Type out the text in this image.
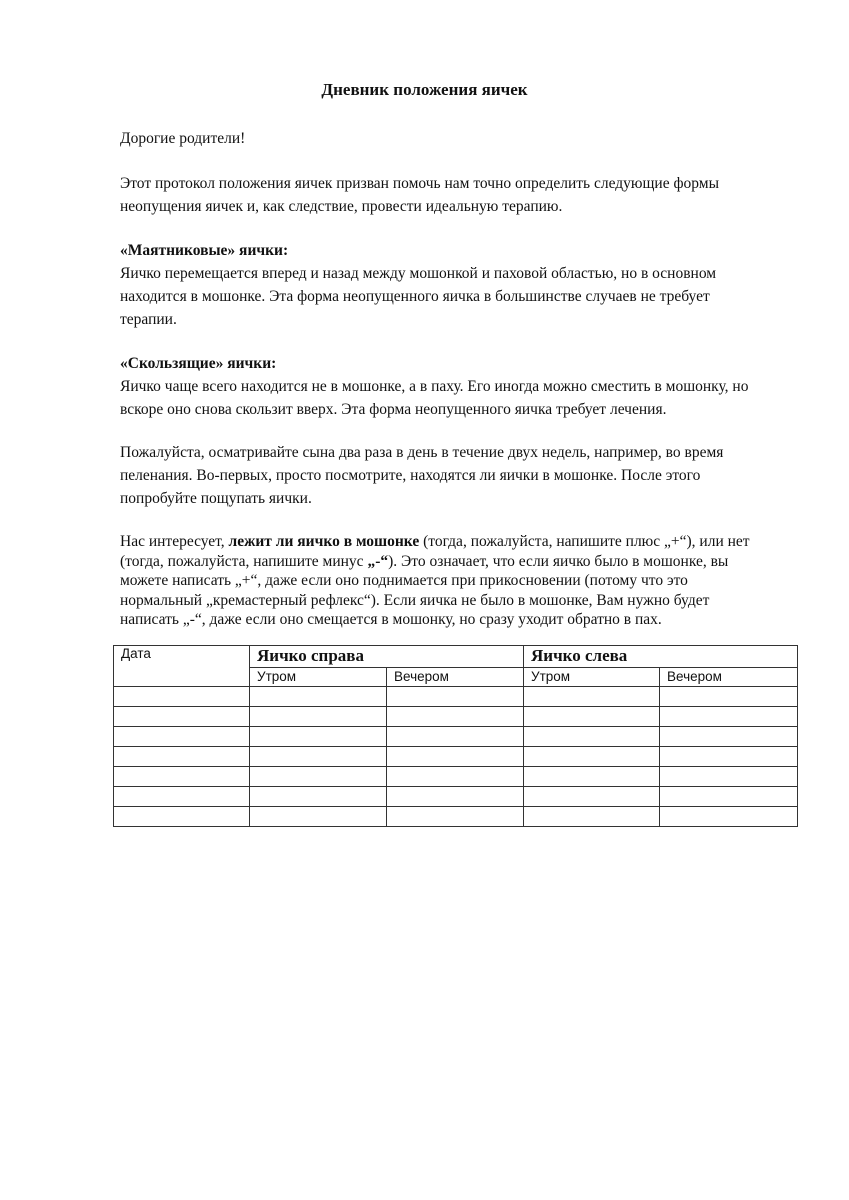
Дневник положения яичек

Дорогие родители!

Этот протокол положения яичек призван помочь нам точно определить следующие формы неопущения яичек и, как следствие, провести идеальную терапию.

«Маятниковые» яички:
Яичко перемещается вперед и назад между мошонкой и паховой областью, но в основном находится в мошонке. Эта форма неопущенного яичка в большинстве случаев не требует терапии.
«Скользящие» яички:
Яичко чаще всего находится не в мошонке, а в паху. Его иногда можно сместить в мошонку, но вскоре оно снова скользит вверх. Эта форма неопущенного яичка требует лечения.

Пожалуйста, осматривайте сына два раза в день в течение двух недель, например, во время пеленания. Во-первых, просто посмотрите, находятся ли яички в мошонке. После этого попробуйте пощупать яички.

Нас интересует, лежит ли яичко в мошонке (тогда, пожалуйста, напишите плюс „+“), или нет (тогда, пожалуйста, напишите минус „-“). Это означает, что если яичко было в мошонке, вы можете написать „+“, даже если оно поднимается при прикосновении (потому что это нормальный „кремастерный рефлекс“). Если яичка не было в мошонке, Вам нужно будет написать „-“, даже если оно смещается в мошонку, но сразу уходит обратно в пах.

Дата	Яичко справа		Яичко слева	
	Утром	Вечером	Утром	Вечером
